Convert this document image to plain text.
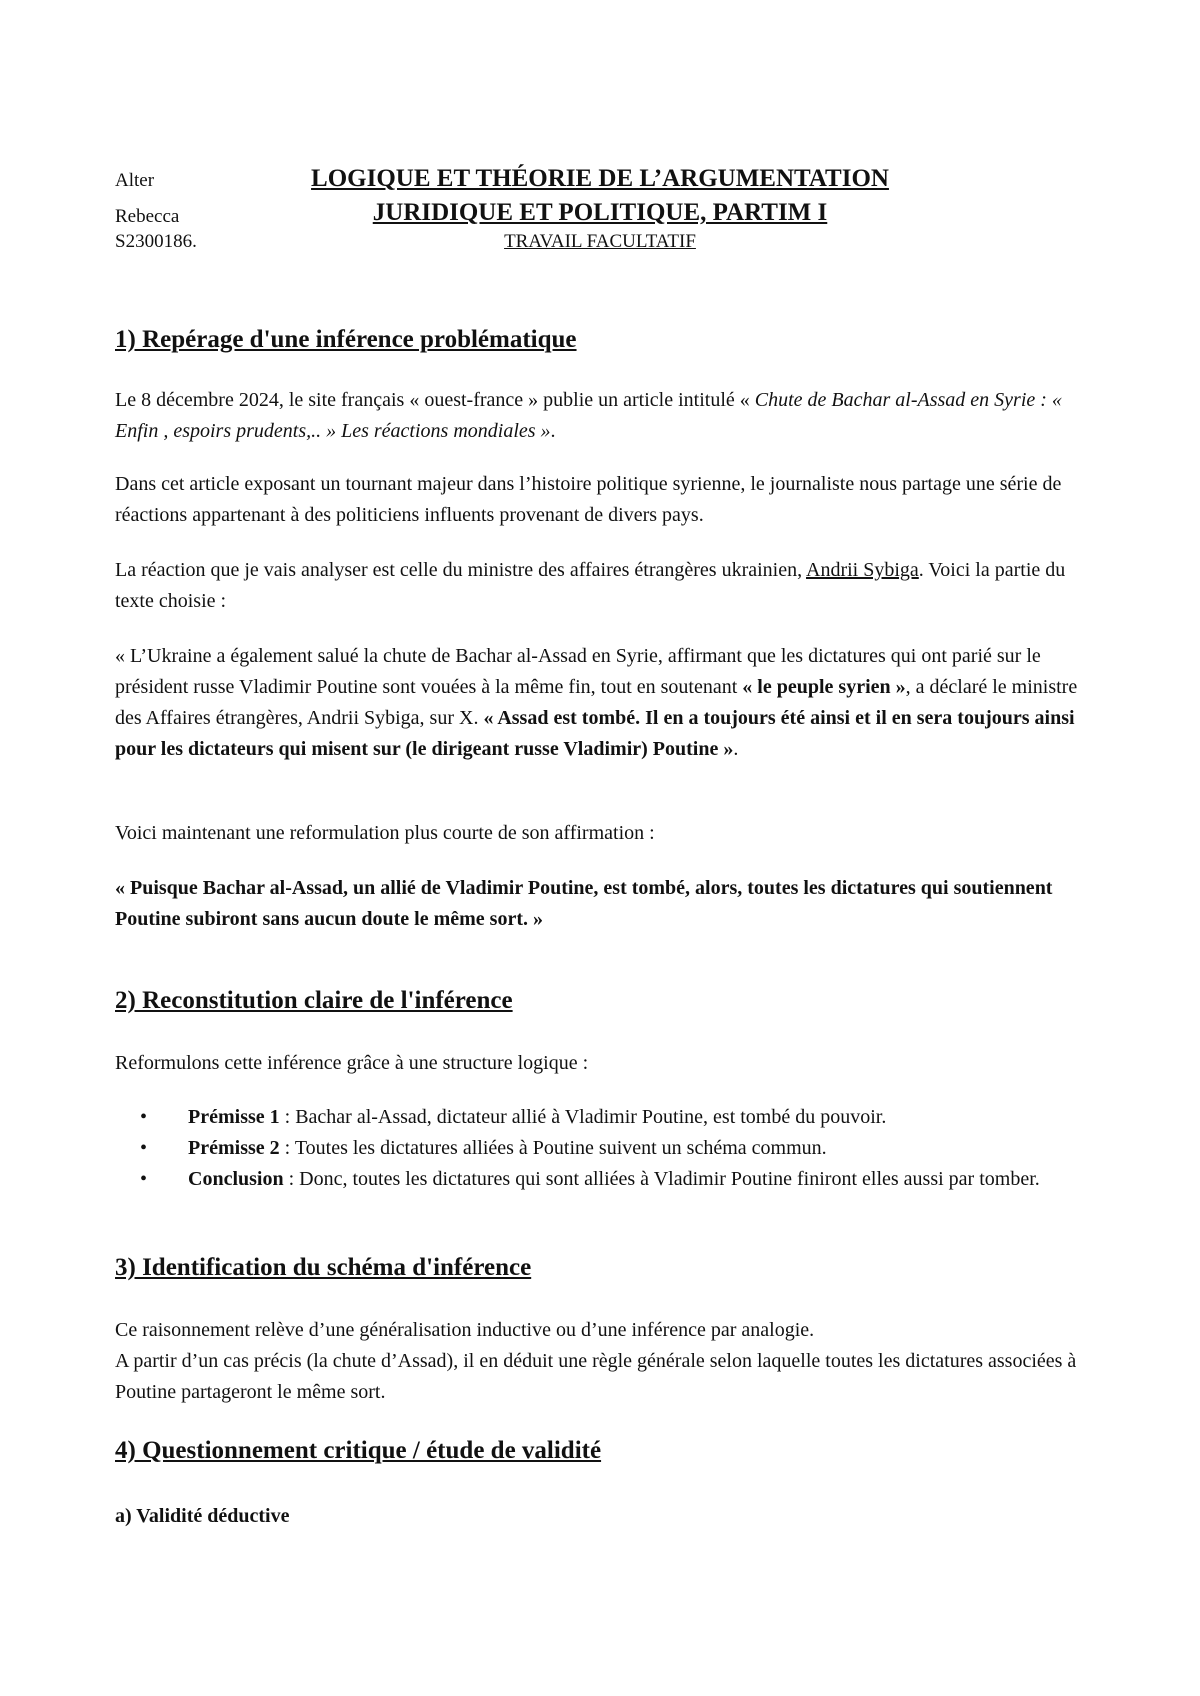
Alter
Rebecca
S2300186.
LOGIQUE ET THÉORIE DE L’ARGUMENTATION
JURIDIQUE ET POLITIQUE, PARTIM I
TRAVAIL FACULTATIF
1) Repérage d'une inférence problématique

Le 8 décembre 2024, le site français « ouest-france » publie un article intitulé « Chute de Bachar al-Assad en Syrie : « Enfin , espoirs prudents,.. » Les réactions mondiales ».

Dans cet article exposant un tournant majeur dans l’histoire politique syrienne, le journaliste nous partage une série de réactions appartenant à des politiciens influents provenant de divers pays.

La réaction que je vais analyser est celle du ministre des affaires étrangères ukrainien, Andrii Sybiga. Voici la partie du texte choisie :

« L’Ukraine a également salué la chute de Bachar al-Assad en Syrie, affirmant que les dictatures qui ont parié sur le président russe Vladimir Poutine sont vouées à la même fin, tout en soutenant « le peuple syrien », a déclaré le ministre des Affaires étrangères, Andrii Sybiga, sur X. « Assad est tombé. Il en a toujours été ainsi et il en sera toujours ainsi pour les dictateurs qui misent sur (le dirigeant russe Vladimir) Poutine ».

Voici maintenant une reformulation plus courte de son affirmation :

« Puisque Bachar al-Assad, un allié de Vladimir Poutine, est tombé, alors, toutes les dictatures qui soutiennent Poutine subiront sans aucun doute le même sort. »

2) Reconstitution claire de l'inférence

Reformulons cette inférence grâce à une structure logique :

• Prémisse 1 : Bachar al-Assad, dictateur allié à Vladimir Poutine, est tombé du pouvoir.
• Prémisse 2 : Toutes les dictatures alliées à Poutine suivent un schéma commun.
• Conclusion : Donc, toutes les dictatures qui sont alliées à Vladimir Poutine finiront elles aussi par tomber.
3) Identification du schéma d'inférence

Ce raisonnement relève d’une généralisation inductive ou d’une inférence par analogie.

A partir d’un cas précis (la chute d’Assad), il en déduit une règle générale selon laquelle toutes les dictatures associées à Poutine partageront le même sort.

4) Questionnement critique / étude de validité
a) Validité déductive
